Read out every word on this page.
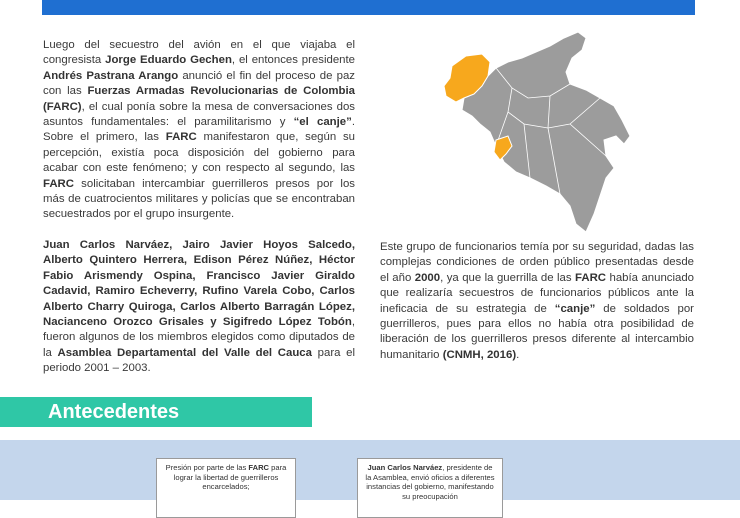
Luego del secuestro del avión en el que viajaba el congresista Jorge Eduardo Gechen, el entonces presidente Andrés Pastrana Arango anunció el fin del proceso de paz con las Fuerzas Armadas Revolucionarias de Colombia (FARC), el cual ponía sobre la mesa de conversaciones dos asuntos fundamentales: el paramilitarismo y “el canje”. Sobre el primero, las FARC manifestaron que, según su percepción, existía poca disposición del gobierno para acabar con este fenómeno; y con respecto al segundo, las FARC solicitaban intercambiar guerrilleros presos por los más de cuatrocientos militares y policías que se encontraban secuestrados por el grupo insurgente.

Juan Carlos Narváez, Jairo Javier Hoyos Salcedo, Alberto Quintero Herrera, Edison Pérez Núñez, Héctor Fabio Arismendy Ospina, Francisco Javier Giraldo Cadavid, Ramiro Echeverry, Rufino Varela Cobo, Carlos Alberto Charry Quiroga, Carlos Alberto Barragán López, Nacianceno Orozco Grisales y Sigifredo López Tobón, fueron algunos de los miembros elegidos como diputados de la Asamblea Departamental del Valle del Cauca para el periodo 2001 – 2003.

Este grupo de funcionarios temía por su seguridad, dadas las complejas condiciones de orden público presentadas desde el año 2000, ya que la guerrilla de las FARC había anunciado que realizaría secuestros de funcionarios públicos ante la ineficacia de su estrategia de “canje” de soldados por guerrilleros, pues para ellos no había otra posibilidad de liberación de los guerrilleros presos diferente al intercambio humanitario (CNMH, 2016).

Antecedentes
Presión por parte de las FARC para lograr la libertad de guerrilleros encarcelados;
Juan Carlos Narváez, presidente de la Asamblea, envió oficios a diferentes instancias del gobierno, manifestando su preocupación
